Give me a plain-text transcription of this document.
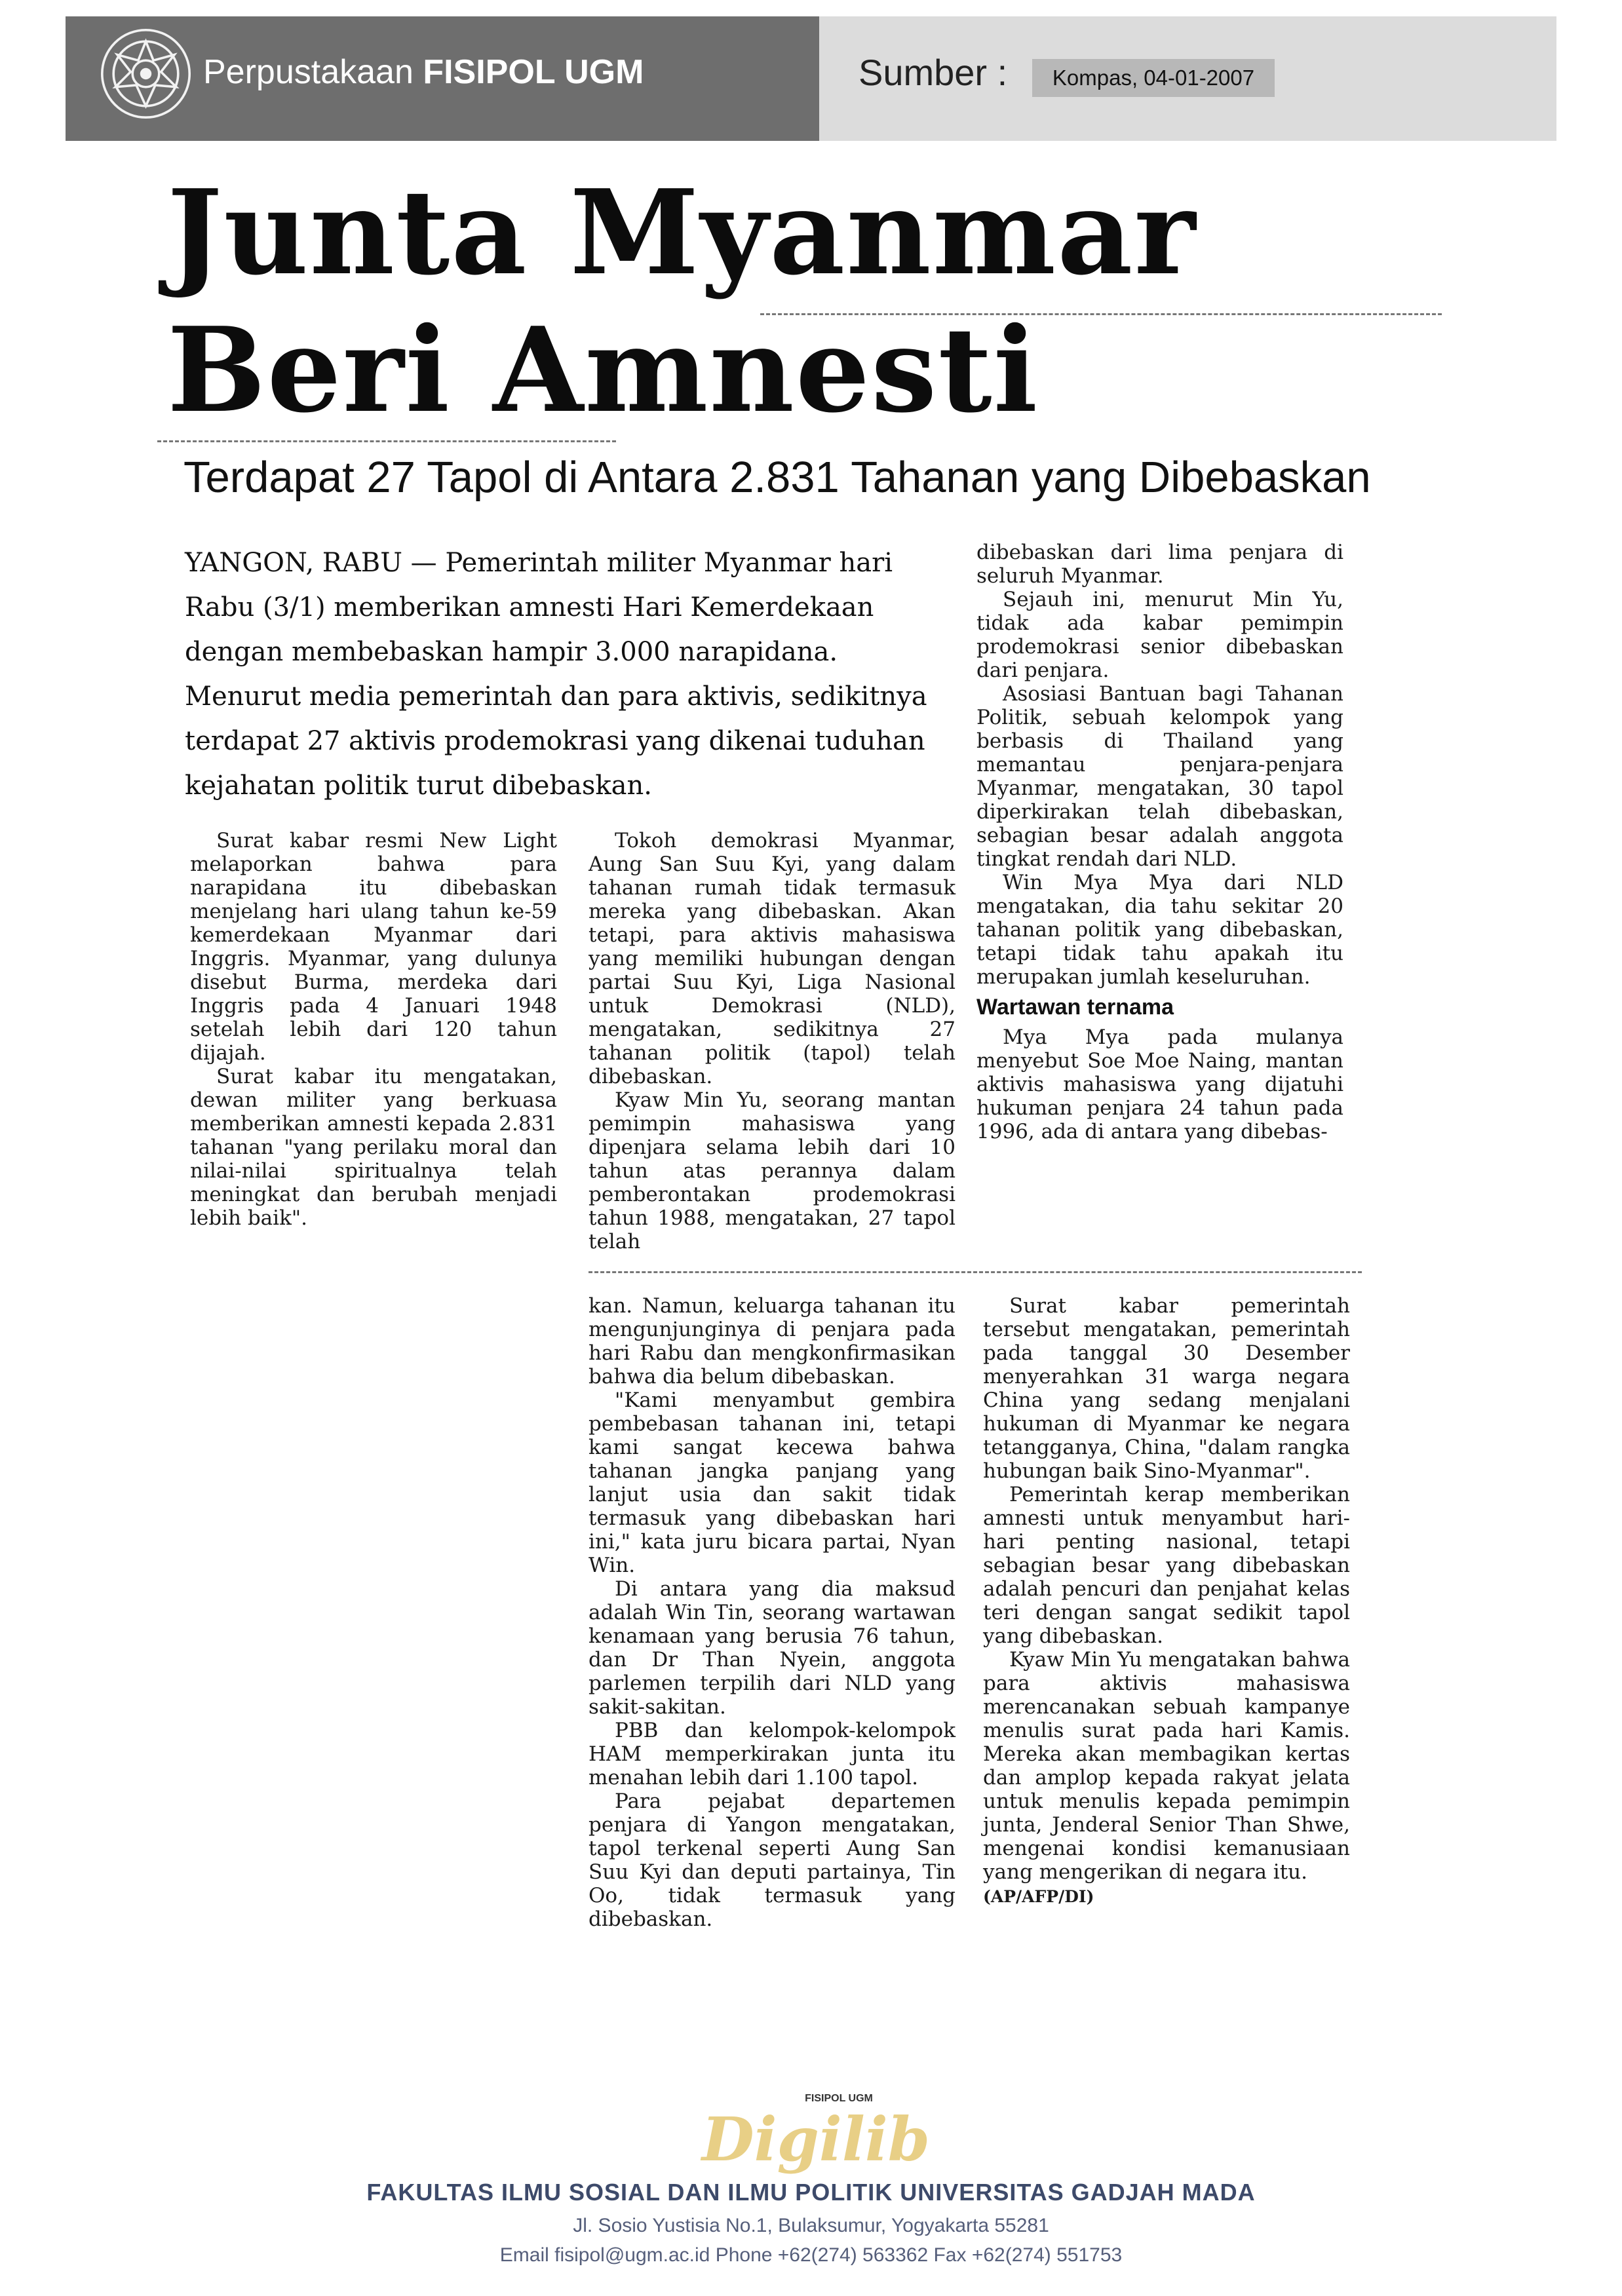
Perpustakaan FISIPOL UGM	Sumber :	Kompas, 04-01-2007
Junta Myanmar Beri Amnesti
Terdapat 27 Tapol di Antara 2.831 Tahanan yang Dibebaskan
YANGON, RABU — Pemerintah militer Myanmar hari Rabu (3/1) memberikan amnesti Hari Kemerdekaan dengan membebaskan hampir 3.000 narapidana. Menurut media pemerintah dan para aktivis, sedikitnya terdapat 27 aktivis prodemokrasi yang dikenai tuduhan kejahatan politik turut dibebaskan.

Surat kabar resmi New Light melaporkan bahwa para narapidana itu dibebaskan menjelang hari ulang tahun ke-59 kemerdekaan Myanmar dari Inggris. Myanmar, yang dulunya disebut Burma, merdeka dari Inggris pada 4 Januari 1948 setelah lebih dari 120 tahun dijajah.

Surat kabar itu mengatakan, dewan militer yang berkuasa memberikan amnesti kepada 2.831 tahanan "yang perilaku moral dan nilai-nilai spiritualnya telah meningkat dan berubah menjadi lebih baik".

Tokoh demokrasi Myanmar, Aung San Suu Kyi, yang dalam tahanan rumah tidak termasuk mereka yang dibebaskan. Akan tetapi, para aktivis mahasiswa yang memiliki hubungan dengan partai Suu Kyi, Liga Nasional untuk Demokrasi (NLD), mengatakan, sedikitnya 27 tahanan politik (tapol) telah dibebaskan.

Kyaw Min Yu, seorang mantan pemimpin mahasiswa yang dipenjara selama lebih dari 10 tahun atas perannya dalam pemberontakan prodemokrasi tahun 1988, mengatakan, 27 tapol telah

dibebaskan dari lima penjara di seluruh Myanmar.

Sejauh ini, menurut Min Yu, tidak ada kabar pemimpin prodemokrasi senior dibebaskan dari penjara.

Asosiasi Bantuan bagi Tahanan Politik, sebuah kelompok yang berbasis di Thailand yang memantau penjara-penjara Myanmar, mengatakan, 30 tapol diperkirakan telah dibebaskan, sebagian besar adalah anggota tingkat rendah dari NLD.

Win Mya Mya dari NLD mengatakan, dia tahu sekitar 20 tahanan politik yang dibebaskan, tetapi tidak tahu apakah itu merupakan jumlah keseluruhan.

Wartawan ternama

Mya Mya pada mulanya menyebut Soe Moe Naing, mantan aktivis mahasiswa yang dijatuhi hukuman penjara 24 tahun pada 1996, ada di antara yang dibebas-

kan. Namun, keluarga tahanan itu mengunjunginya di penjara pada hari Rabu dan mengkonfirmasikan bahwa dia belum dibebaskan.

"Kami menyambut gembira pembebasan tahanan ini, tetapi kami sangat kecewa bahwa tahanan jangka panjang yang lanjut usia dan sakit tidak termasuk yang dibebaskan hari ini," kata juru bicara partai, Nyan Win.

Di antara yang dia maksud adalah Win Tin, seorang wartawan kenamaan yang berusia 76 tahun, dan Dr Than Nyein, anggota parlemen terpilih dari NLD yang sakit-sakitan.

PBB dan kelompok-kelompok HAM memperkirakan junta itu menahan lebih dari 1.100 tapol.

Para pejabat departemen penjara di Yangon mengatakan, tapol terkenal seperti Aung San Suu Kyi dan deputi partainya, Tin Oo, tidak termasuk yang dibebaskan.

Surat kabar pemerintah tersebut mengatakan, pemerintah pada tanggal 30 Desember menyerahkan 31 warga negara China yang sedang menjalani hukuman di Myanmar ke negara tetangganya, China, "dalam rangka hubungan baik Sino-Myanmar".

Pemerintah kerap memberikan amnesti untuk menyambut hari-hari penting nasional, tetapi sebagian besar yang dibebaskan adalah pencuri dan penjahat kelas teri dengan sangat sedikit tapol yang dibebaskan.

Kyaw Min Yu mengatakan bahwa para aktivis mahasiswa merencanakan sebuah kampanye menulis surat pada hari Kamis. Mereka akan membagikan kertas dan amplop kepada rakyat jelata untuk menulis kepada pemimpin junta, Jenderal Senior Than Shwe, mengenai kondisi kemanusiaan yang mengerikan di negara itu.

(AP/AFP/DI)
FISIPOL UGM
Digilib
FAKULTAS ILMU SOSIAL DAN ILMU POLITIK UNIVERSITAS GADJAH MADA
Jl. Sosio Yustisia No.1, Bulaksumur, Yogyakarta 55281
Email fisipol@ugm.ac.id Phone +62(274) 563362 Fax +62(274) 551753
